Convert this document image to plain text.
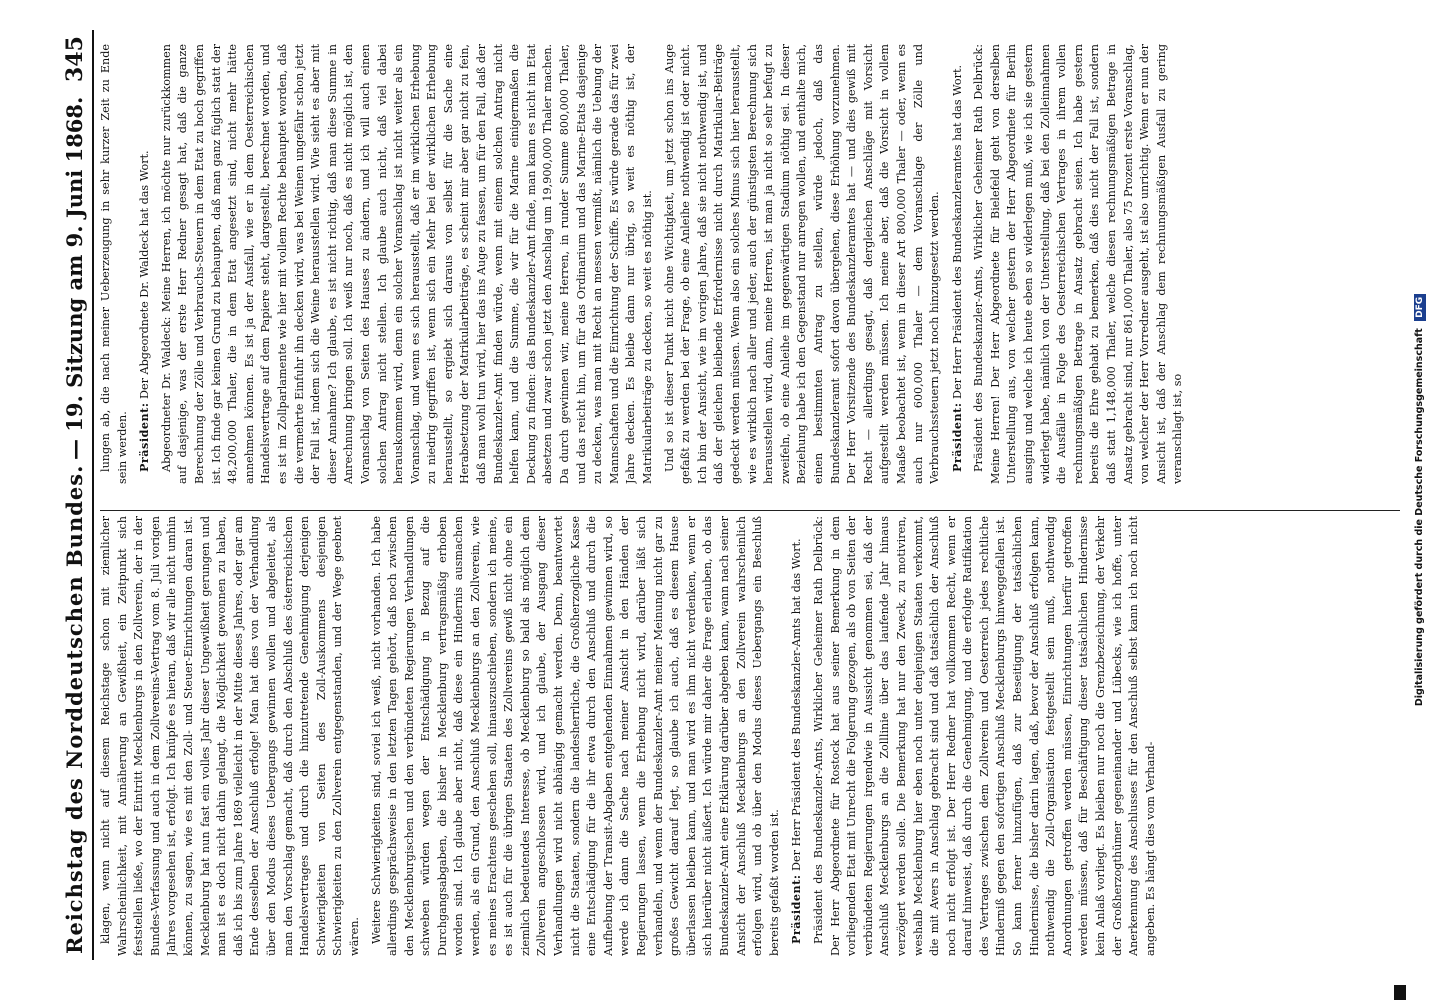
Reichstag des Norddeutschen Bundes.
— 19. Sitzung am 9. Juni 1868.
345

klagen, wenn nicht auf diesem Reichstage schon mit ziemlicher Wahrscheinlichkeit, mit Annäherung an Gewißheit, ein Zeitpunkt sich feststellen ließe, wo der Eintritt Mecklenburgs in den Zollverein, der in der Bundes-Verfassung und auch in dem Zollvereins-Vertrag vom 8. Juli vorigen Jahres vorgesehen ist, erfolgt. Ich knüpfe es hieran, daß wir alle nicht umhin können, zu sagen, wie es mit den Zoll- und Steuer-Einrichtungen daran ist. Mecklenburg hat nun fast ein volles Jahr dieser Ungewißheit gerungen und man ist es doch nicht dahin gelangt, die Möglichkeit gewonnen zu haben, daß ich bis zum Jahre 1869 vielleicht in der Mitte dieses Jahres, oder gar am Ende desselben der Anschluß erfolge! Man hat dies von der Verhandlung über den Modus dieses Uebergangs gewinnen wollen und abgeleitet, als man den Vorschlag gemacht, daß durch den Abschluß des österreichischen Handelsvertrages und durch die hinzutretende Genehmigung derjenigen Schwierigkeiten von Seiten des Zoll-Auskommens desjenigen Schwierigkeiten zu den Zollverein entgegenstanden, und der Wege geebnet wären. Weitere Schwierigkeiten sind, soviel ich weiß, nicht vorhanden. Ich habe allerdings gesprächsweise in den letzten Tagen gehört, daß noch zwischen den Mecklenburgischen und den verbündeten Regierungen Verhandlungen schweben würden wegen der Entschädigung in Bezug auf die Durchgangsabgaben, die bisher in Mecklenburg vertragsmäßig erhoben worden sind. Ich glaube aber nicht, daß diese ein Hindernis ausmachen werden, als ein Grund, den Anschluß Mecklenburgs an den Zollverein, wie es meines Erachtens geschehen soll, hinauszuschieben, sondern ich meine, es ist auch für die übrigen Staaten des Zollvereins gewiß nicht ohne ein ziemlich bedeutendes Interesse, ob Mecklenburg so bald als möglich dem Zollverein angeschlossen wird, und ich glaube, der Ausgang dieser Verhandlungen wird nicht abhängig gemacht werden. Denn, beantwortet nicht die Staaten, sondern die landesherrliche, die Großherzogliche Kasse eine Entschädigung für die ihr etwa durch den Anschluß und durch die Aufhebung der Transit-Abgaben entgehenden Einnahmen gewinnen wird, so werde ich dann die Sache nach meiner Ansicht in den Händen der Regierungen lassen, wenn die Erhebung nicht wird, darüber läßt sich verhandeln, und wenn der Bundeskanzler-Amt meiner Meinung nicht gar zu großes Gewicht darauf legt, so glaube ich auch, daß es diesem Hause überlassen bleiben kann, und man wird es ihm nicht verdenken, wenn er sich hierüber nicht äußert. Ich würde mir daher die Frage erlauben, ob das Bundeskanzler-Amt eine Erklärung darüber abgeben kann, wann nach seiner Ansicht der Anschluß Mecklenburgs an den Zollverein wahrscheinlich erfolgen wird, und ob über den Modus dieses Uebergangs ein Beschluß bereits gefaßt worden ist. Präsident: Der Herr Präsident des Bundeskanzler-Amts hat das Wort. Präsident des Bundeskanzler-Amts, Wirklicher Geheimer Rath Delbrück: Der Herr Abgeordnete für Rostock hat aus seiner Bemerkung in dem vorliegenden Etat mit Unrecht die Folgerung gezogen, als ob von Seiten der verbündeten Regierungen irgendwie in Aussicht genommen sei, daß der Anschluß Mecklenburgs an die Zolllinie über das laufende Jahr hinaus verzögert werden solle. Die Bemerkung hat nur den Zweck, zu motiviren, weshalb Mecklenburg hier eben noch unter denjenigen Staaten verkommt, die mit Avers in Anschlag gebracht sind und daß tatsächlich der Anschluß noch nicht erfolgt ist. Der Herr Redner hat vollkommen Recht, wenn er darauf hinweist, daß durch die Genehmigung, und die erfolgte Ratifikation des Vertrages zwischen dem Zollverein und Oesterreich jedes rechtliche Hinderniß gegen den sofortigen Anschluß Mecklenburgs hinweggefallen ist. So kann ferner hinzufügen, daß zur Beseitigung der tatsächlichen Hindernisse, die bisher darin lagen, daß, bevor der Anschluß erfolgen kann, nothwendig die Zoll-Organisation festgestellt sein muß, nothwendig Anordnungen getroffen werden müssen, Einrichtungen hierfür getroffen werden müssen, daß für Beschäftigung dieser tatsächlichen Hindernisse kein Anlaß vorliegt. Es bleiben nur noch die Grenzbezeichnung, der Verkehr der Großherzogthümer gegeneinander und Lübecks, wie ich hoffe, unter Anerkennung des Anschlusses für den Anschluß selbst kann ich noch nicht angeben. Es hängt dies vom Verhand-

lungen ab, die nach meiner Ueberzeugung in sehr kurzer Zeit zu Ende sein werden. Präsident: Der Abgeordnete Dr. Waldeck hat das Wort. Abgeordneter Dr. Waldeck: Meine Herren, ich möchte nur zurückkommen auf dasjenige, was der erste Herr Redner gesagt hat, daß die ganze Berechnung der Zölle und Verbrauchs-Steuern in dem Etat zu hoch gegriffen ist. Ich finde gar keinen Grund zu behaupten, daß man ganz füglich statt der 48,200,000 Thaler, die in dem Etat angesetzt sind, nicht mehr hätte annehmen können. Es ist ja der Ausfall, wie er in dem Oesterreichischen Handelsvertrage auf dem Papiere steht, dargestellt, berechnet worden, und es ist im Zollparlamente wie hier mit vollem Rechte behauptet worden, daß die vermehrte Einfuhr ihn decken wird, was bei Weinen ungefähr schon jetzt der Fall ist, indem sich die Weine herausstellen wird. Wie sieht es aber mit dieser Annahme? Ich glaube, es ist nicht richtig, daß man diese Summe in Anrechnung bringen soll. Ich weiß nur noch, daß es nicht möglich ist, den Voranschlag von Seiten des Hauses zu ändern, und ich will auch einen solchen Antrag nicht stellen. Ich glaube auch nicht, daß viel dabei herauskommen wird, denn ein solcher Voranschlag ist nicht weiter als ein Voranschlag, und wenn es sich herausstellt, daß er im wirklichen Erhebung zu niedrig gegriffen ist, wenn sich ein Mehr bei der wirklichen Erhebung herausstellt, so ergiebt sich daraus von selbst für die Sache eine Herabsetzung der Matrikularbeiträge, es scheint mir aber gar nicht zu fein, daß man wohl tun wird, hier das ins Auge zu fassen, um für den Fall, daß der Bundeskanzler-Amt finden würde, wenn mit einem solchen Antrag nicht helfen kann, und die Summe, die wir für die Marine einigermaßen die Deckung zu finden: das Bundeskanzler-Amt finde, man kann es nicht im Etat absetzen und zwar schon jetzt den Anschlag um 19,900,000 Thaler machen. Da durch gewinnen wir, meine Herren, in runder Summe 800,000 Thaler, und das reicht hin, um für das Ordinarium und das Marine-Etats dasjenige zu decken, was man mit Recht an messen vermißt, nämlich die Uebung der Mannschaften und die Einrichtung der Schiffe. Es würde gerade das für zwei Jahre decken. Es bleibe dann nur übrig, so weit es nöthig ist, der Matrikularbeiträge zu decken, so weit es nöthig ist. Und so ist dieser Punkt nicht ohne Wichtigkeit, um jetzt schon ins Auge gefaßt zu werden bei der Frage, ob eine Anleihe nothwendig ist oder nicht. Ich bin der Ansicht, wie im vorigen Jahre, daß sie nicht nothwendig ist, und daß der gleichen bleibende Erfordernisse nicht durch Matrikular-Beiträge gedeckt werden müssen. Wenn also ein solches Minus sich hier herausstellt, wie es wirklich nach aller und jeder, auch der günstigsten Berechnung sich herausstellen wird, dann, meine Herren, ist man ja nicht so sehr befugt zu zweifeln, ob eine Anleihe im gegenwärtigen Stadium nöthig sei. In dieser Beziehung habe ich den Gegenstand nur anregen wollen, und enthalte mich, einen bestimmten Antrag zu stellen, würde jedoch, daß das Bundeskanzleramt sofort davon übergehen, diese Erhöhung vorzunehmen. Der Herr Vorsitzende des Bundeskanzleramtes hat — und dies gewiß mit Recht — allerdings gesagt, daß dergleichen Anschläge mit Vorsicht aufgestellt werden müssen. Ich meine aber, daß die Vorsicht in vollem Maaße beobachtet ist, wenn in dieser Art 800,000 Thaler — oder, wenn es auch nur 600,000 Thaler — dem Voranschlage der Zölle und Verbrauchssteuern jetzt noch hinzugesetzt werden. Präsident: Der Herr Präsident des Bundeskanzleramtes hat das Wort. Präsident des Bundeskanzler-Amts, Wirklicher Geheimer Rath Delbrück: Meine Herren! Der Herr Abgeordnete für Bielefeld geht von derselben Unterstellung aus, von welcher gestern der Herr Abgeordnete für Berlin ausging und welche ich heute eben so widerlegen muß, wie ich sie gestern widerlegt habe, nämlich von der Unterstellung, daß bei den Zolleinnahmen die Ausfälle in Folge des Oesterreichischen Vertrages in ihrem vollen rechnungsmäßigen Betrage in Ansatz gebracht seien. Ich habe gestern bereits die Ehre gehabt zu bemerken, daß dies nicht der Fall ist, sondern daß statt 1,148,000 Thaler, welche diesen rechnungsmäßigen Betrage in Ansatz gebracht sind, nur 861,000 Thaler, also 75 Prozent erste Voranschlag, von welcher der Herr Vorredner ausgeht, ist also unrichtig. Wenn er nun der Ansicht ist, daß der Anschlag dem rechnungsmäßigen Ausfall zu gering veranschlagt ist, so	Digitalisierung gefördert durch die Deutsche Forschungsgemeinschaft DFG
